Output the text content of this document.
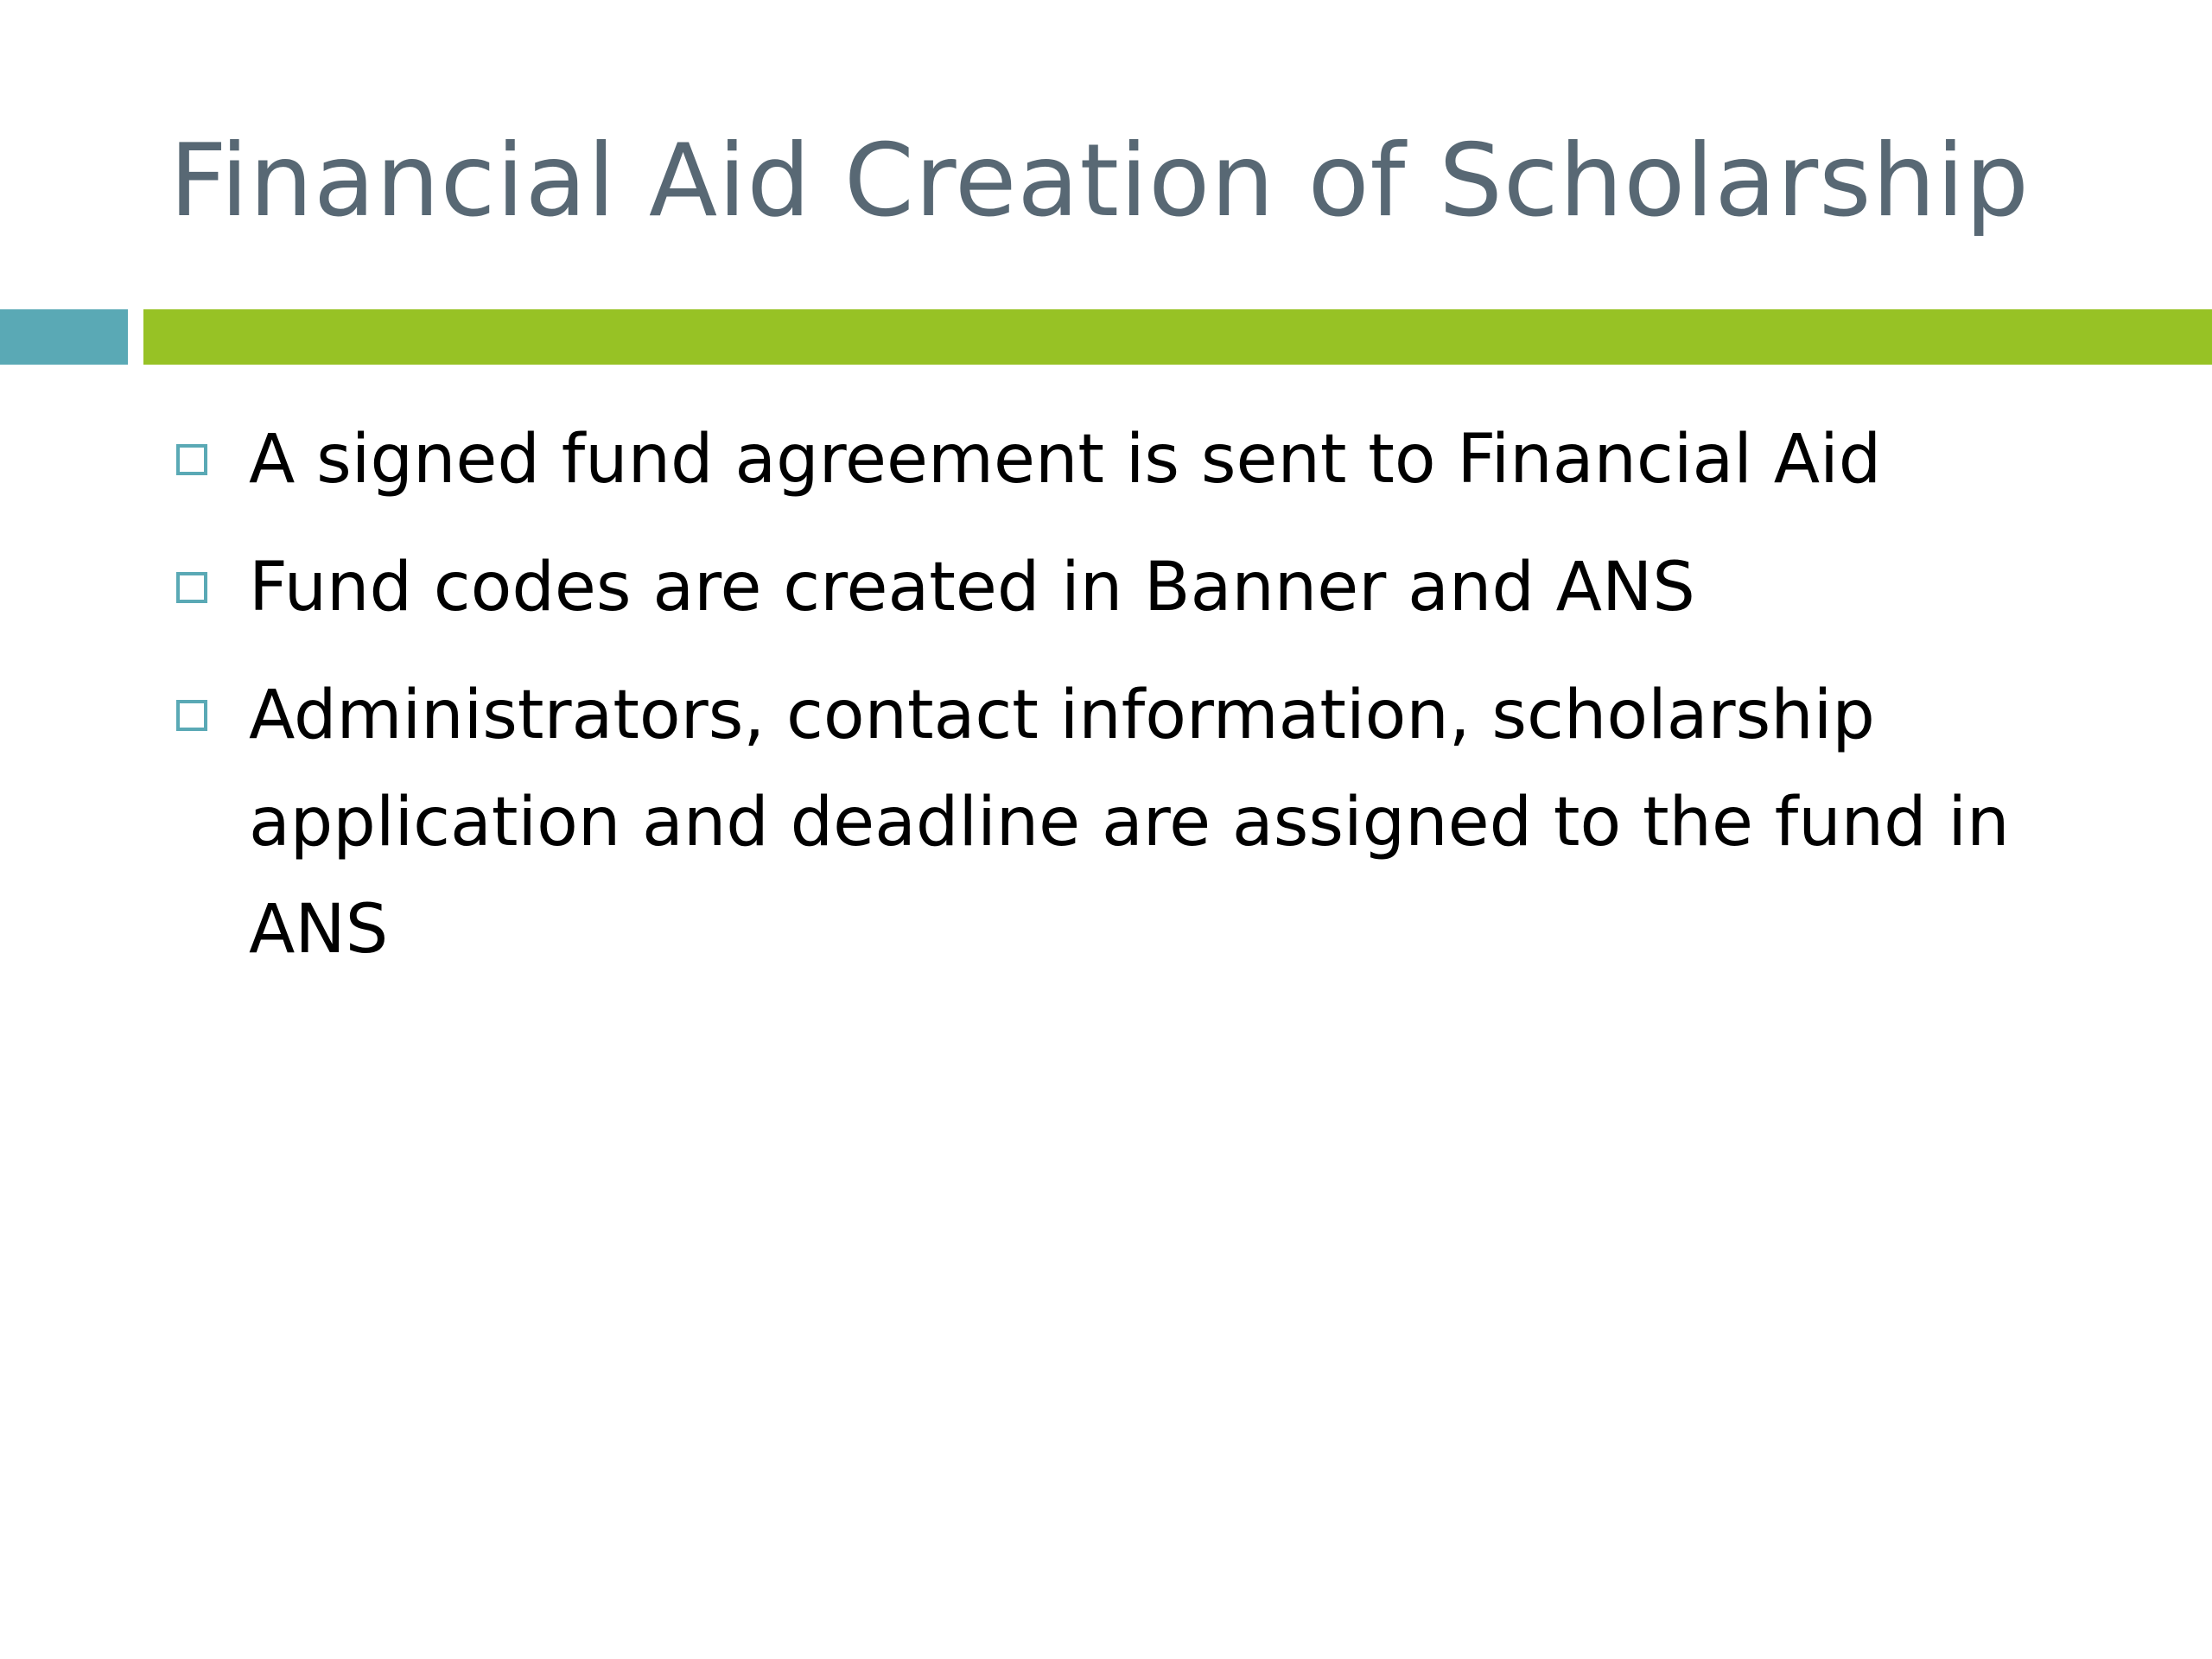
Financial Aid Creation of Scholarship
A signed fund agreement is sent to Financial Aid
Fund codes are created in Banner and ANS
Administrators, contact information, scholarship application and deadline are assigned to the fund in ANS
